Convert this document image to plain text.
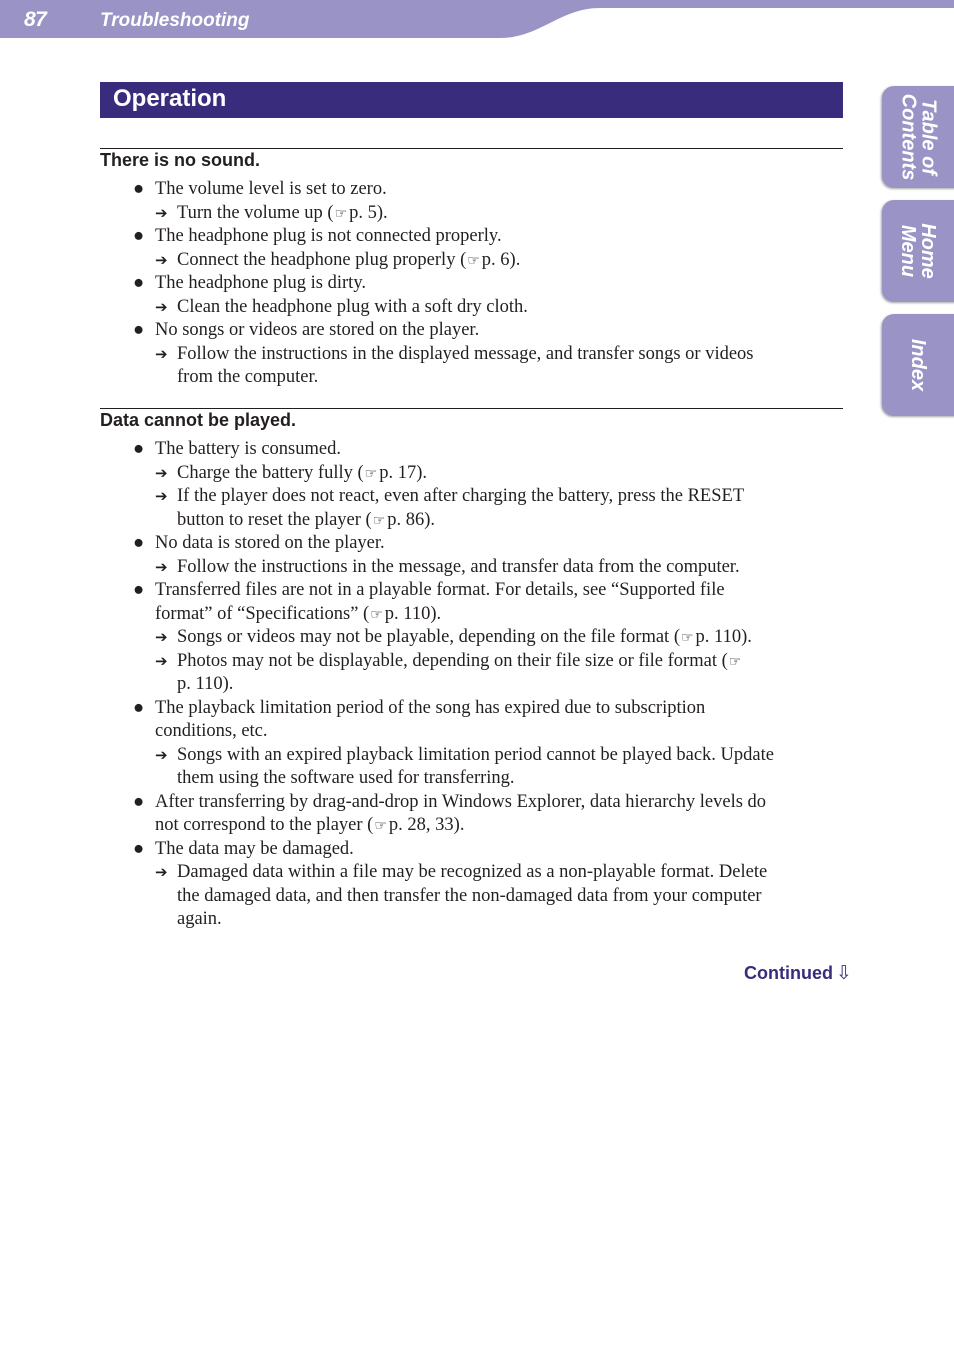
87	Troubleshooting
Operation
There is no sound.
● The volume level is set to zero.
➔ Turn the volume up (☞ p. 5).
● The headphone plug is not connected properly.
➔ Connect the headphone plug properly (☞ p. 6).
● The headphone plug is dirty.
➔ Clean the headphone plug with a soft dry cloth.
● No songs or videos are stored on the player.
➔ Follow the instructions in the displayed message, and transfer songs or videos
from the computer.
Data cannot be played.
● The battery is consumed.
➔ Charge the battery fully (☞ p. 17).
➔ If the player does not react, even after charging the battery, press the RESET
button to reset the player (☞ p. 86).
● No data is stored on the player.
➔ Follow the instructions in the message, and transfer data from the computer.
● Transferred files are not in a playable format. For details, see “Supported file
format” of “Specifications” (☞ p. 110).
➔ Songs or videos may not be playable, depending on the file format (☞ p. 110).
➔ Photos may not be displayable, depending on their file size or file format (☞
p. 110).
● The playback limitation period of the song has expired due to subscription
conditions, etc.
➔ Songs with an expired playback limitation period cannot be played back. Update
them using the software used for transferring.
● After transferring by drag-and-drop in Windows Explorer, data hierarchy levels do
not correspond to the player (☞ p. 28, 33).
● The data may be damaged.
➔ Damaged data within a file may be recognized as a non-playable format. Delete
the damaged data, and then transfer the non-damaged data from your computer
again.
Continued ⇩
Table of
Contents
Home
Menu
Index
